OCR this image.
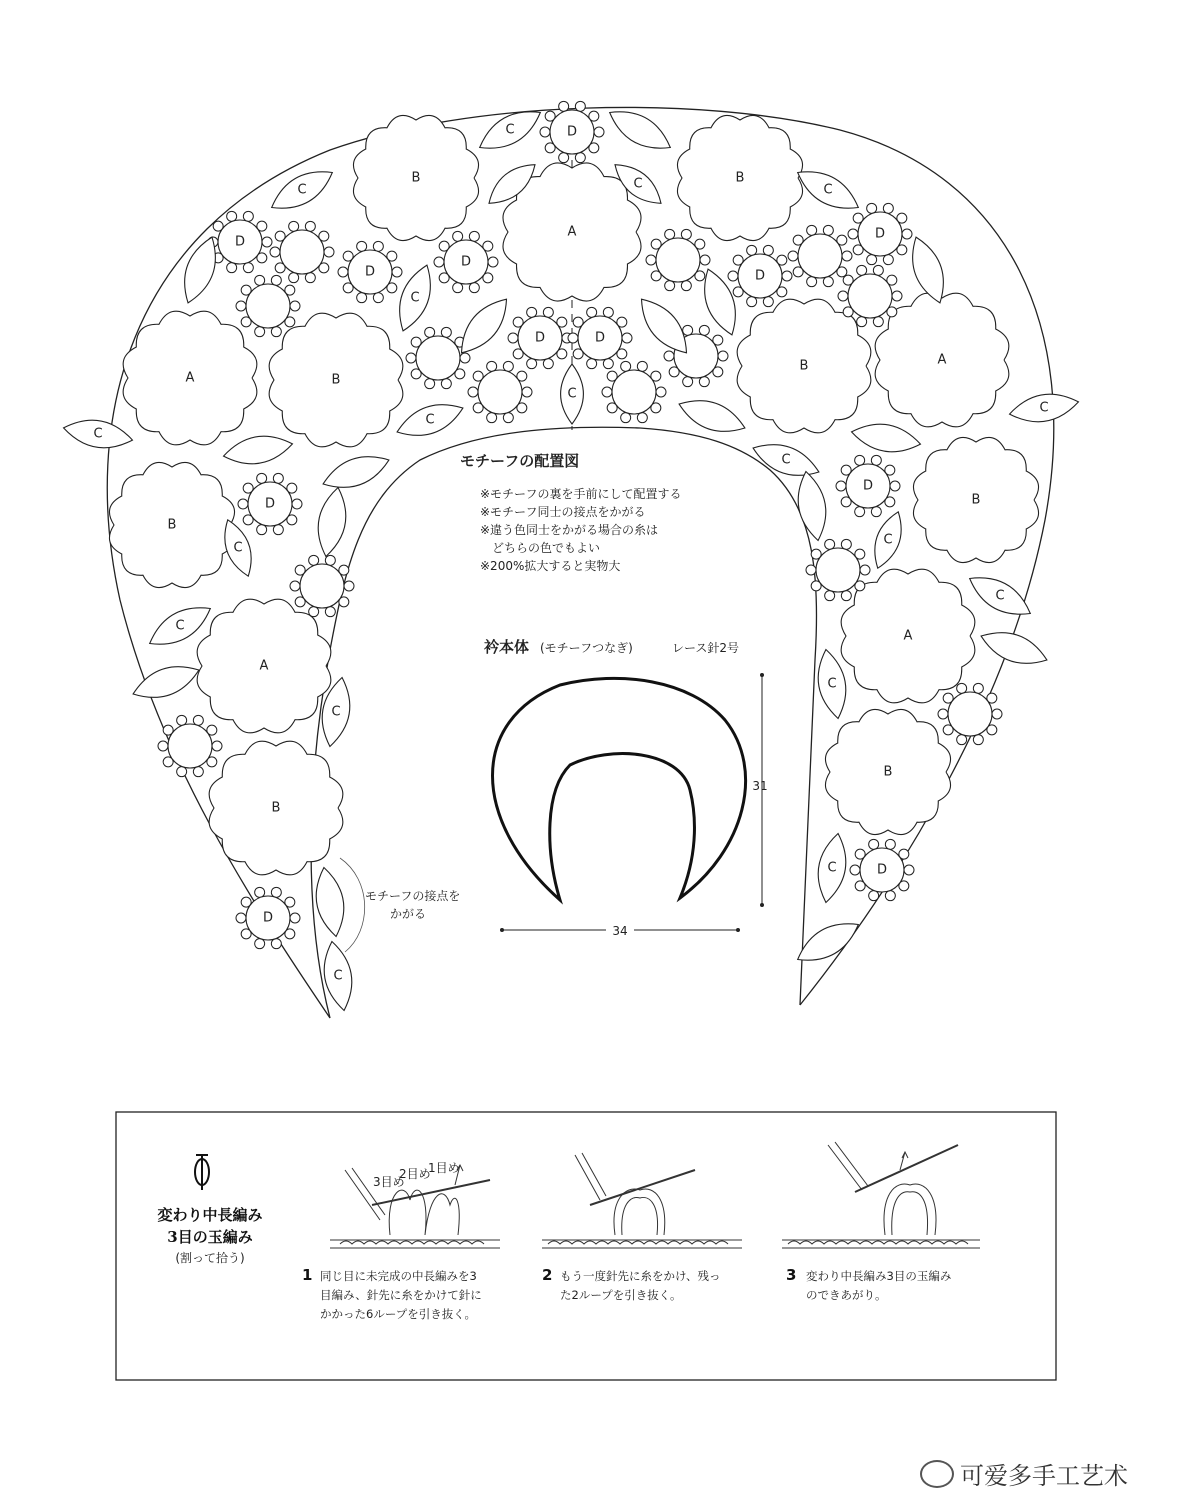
A	B
B
A
B
B	A
B
A
B
B
A
B
D
D
D
D
D
D
D	D
D
D
D
D
C
C	C
C
C
C
C
C
C
C
C
C
C
C
C
C
C
C
モチーフの配置図
※モチーフの裏を手前にして配置する
※モチーフ同士の接点をかがる
※違う色同士をかがる場合の糸は
　どちらの色でもよい
※200%拡大すると実物大
モチーフの接点を
かがる
衿本体 (モチーフつなぎ)	レース針2号
31
34
変わり中長編み
3目の玉編み
(割って拾う)
3目め
2目め
1目め
1 同じ目に未完成の中長編みを3
目編み、針先に糸をかけて針に
かかった6ループを引き抜く。
2 もう一度針先に糸をかけ、残っ
た2ループを引き抜く。
3 変わり中長編み3目の玉編み
のできあがり。
可爱多手工艺术
